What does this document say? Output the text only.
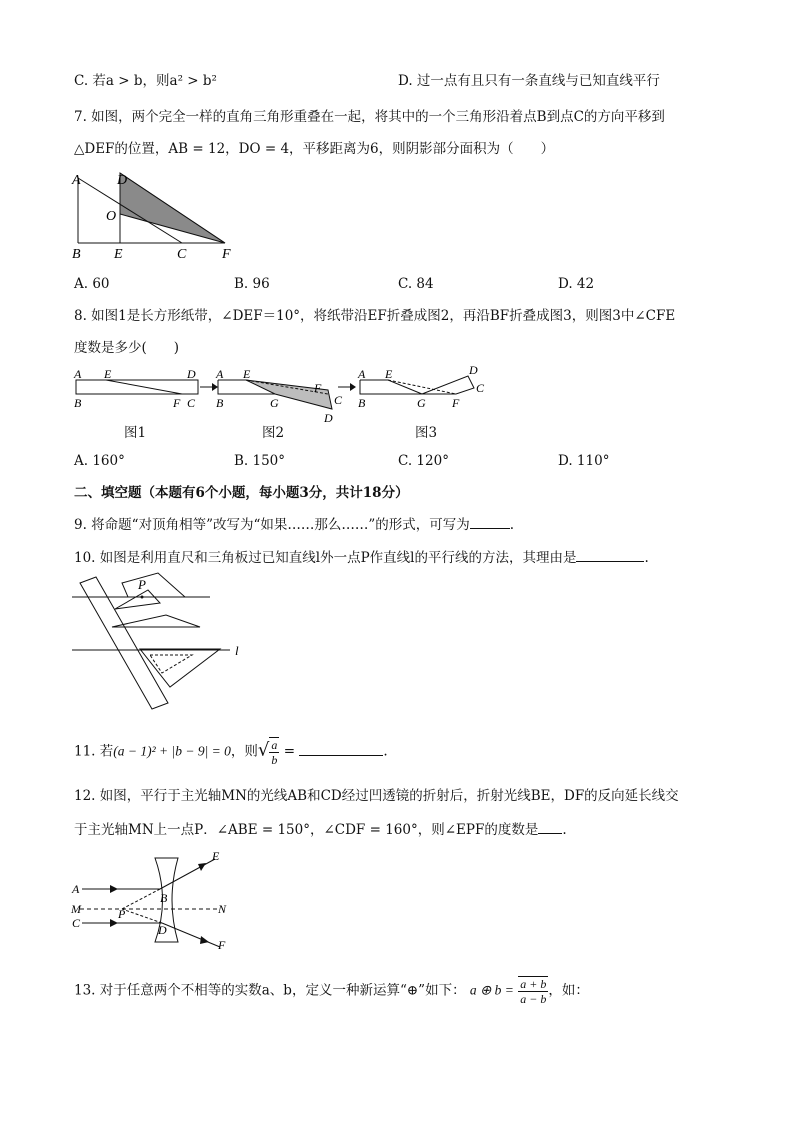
C. 若a > b，则a² > b²	D. 过一点有且只有一条直线与已知直线平行
7. 如图，两个完全一样的直角三角形重叠在一起，将其中的一个三角形沿着点B到点C的方向平移到
△DEF的位置，AB = 12，DO = 4，平移距离为6，则阴影部分面积为（　　）
A	D
O
B E	C	F
A. 60	B. 96	C. 84	D. 42
8. 如图1是长方形纸带，∠DEF＝10°，将纸带沿EF折叠成图2，再沿BF折叠成图3，则图3中∠CFE
度数是多少(　　)
A E	D
B	F C
A E
F
C
B	G
D
A E	D
C
B	G F
图1	图2	图3
A. 160°	B. 150°	C. 120°	D. 110°
二、填空题（本题有6个小题，每小题3分，共计18分）
9. 将命题“对顶角相等”改写为“如果……那么……”的形式，可写为	.
10. 如图是利用直尺和三角板过已知直线l外一点P作直线l的平行线的方法，其理由是	.
P
l
11. 若(a − 1)² + |b − 9| = 0，则√ $\frac{a}{b}$ =	.
12. 如图，平行于主光轴MN的光线AB和CD经过凹透镜的折射后，折射光线BE，DF的反向延长线交
于主光轴MN上一点P．∠ABE = 150°，∠CDF = 160°，则∠EPF的度数是 .
A
M
C
P
B
D
E
F
N
13. 对于任意两个不相等的实数a、b，定义一种新运算“⊕”如下： a ⊕ $b = \frac{a + b}{a - b}$ ，如：
